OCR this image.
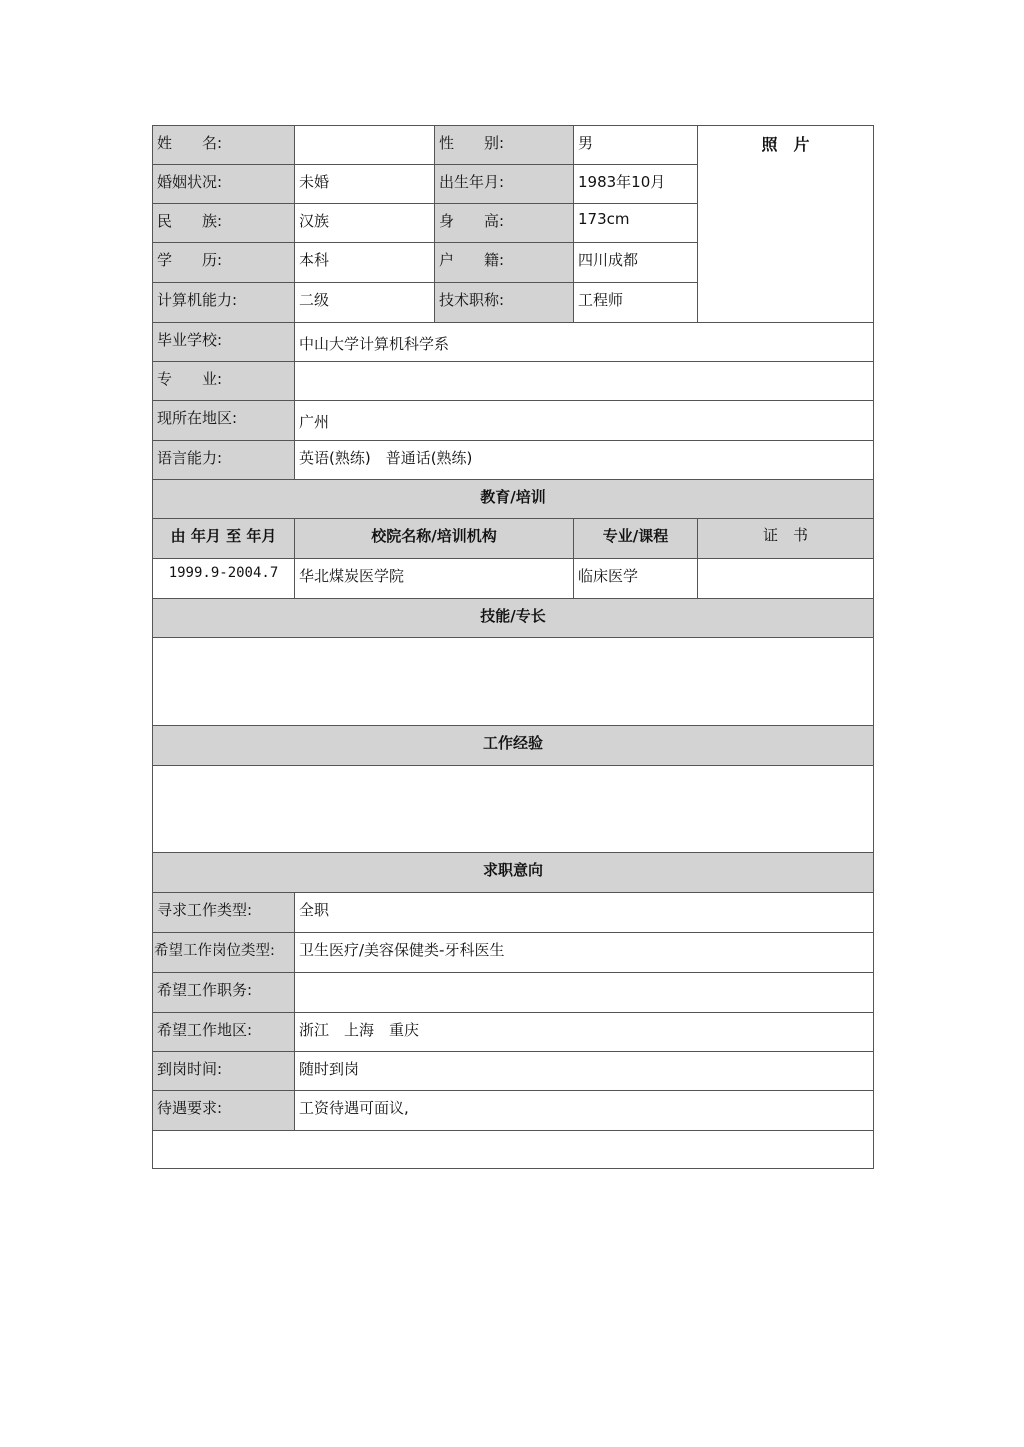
姓　　名:		性　　别:	男	照　片
婚姻状况:	未婚	出生年月:	1983年10月	
民　　族:	汉族	身　　高:	173cm	
学　　历:	本科	户　　籍:	四川成都	
计算机能力:	二级	技术职称:	工程师	
毕业学校:	中山大学计算机科学系			
专　　业:				
现所在地区:	广州			
语言能力:	英语(熟练)　普通话(熟练)			
教育/培训				
由 年月 至 年月	校院名称/培训机构		专业/课程	证　书
1999.9-2004.7	华北煤炭医学院		临床医学	
技能/专长				

工作经验				

求职意向				
寻求工作类型:	全职			
希望工作岗位类型:	卫生医疗/美容保健类-牙科医生			
希望工作职务:				
希望工作地区:	浙江　上海　重庆			
到岗时间:	随时到岗			
待遇要求:	工资待遇可面议,			
